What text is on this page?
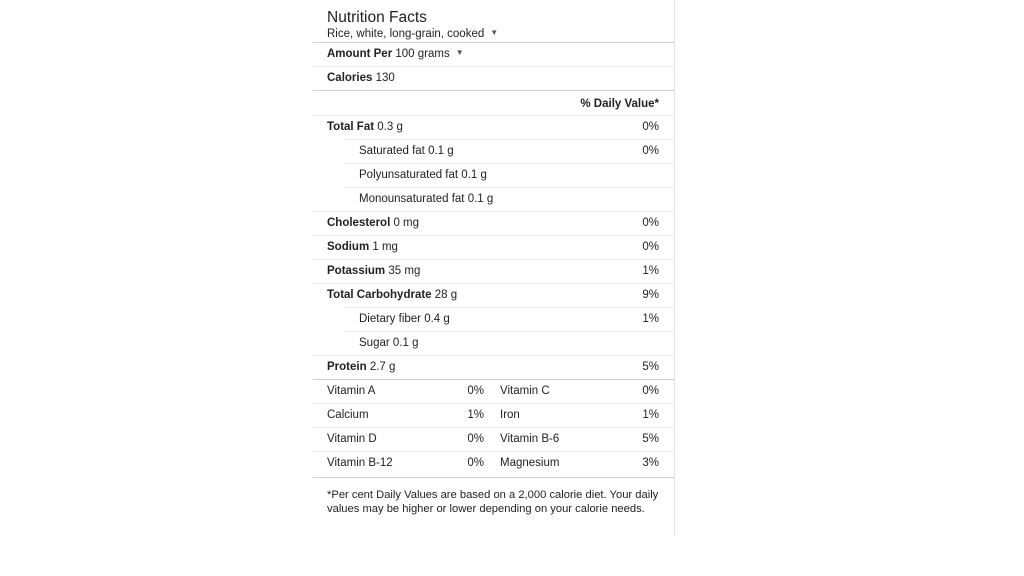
Nutrition Facts
Rice, white, long-grain, cooked ▼
Amount Per 100 grams ▼
Calories 130
% Daily Value*
Total Fat 0.3 g	0%
Saturated fat 0.1 g	0%
Polyunsaturated fat 0.1 g
Monounsaturated fat 0.1 g
Cholesterol 0 mg	0%
Sodium 1 mg	0%
Potassium 35 mg	1%
Total Carbohydrate 28 g	9%
Dietary fiber 0.4 g	1%
Sugar 0.1 g
Protein 2.7 g	5%
Vitamin A	0% Vitamin C	0%
Calcium	1% Iron	1%
Vitamin D	0% Vitamin B-6	5%
Vitamin B-12	0% Magnesium	3%
*Per cent Daily Values are based on a 2,000 calorie diet. Your daily values may be higher or lower depending on your calorie needs.
